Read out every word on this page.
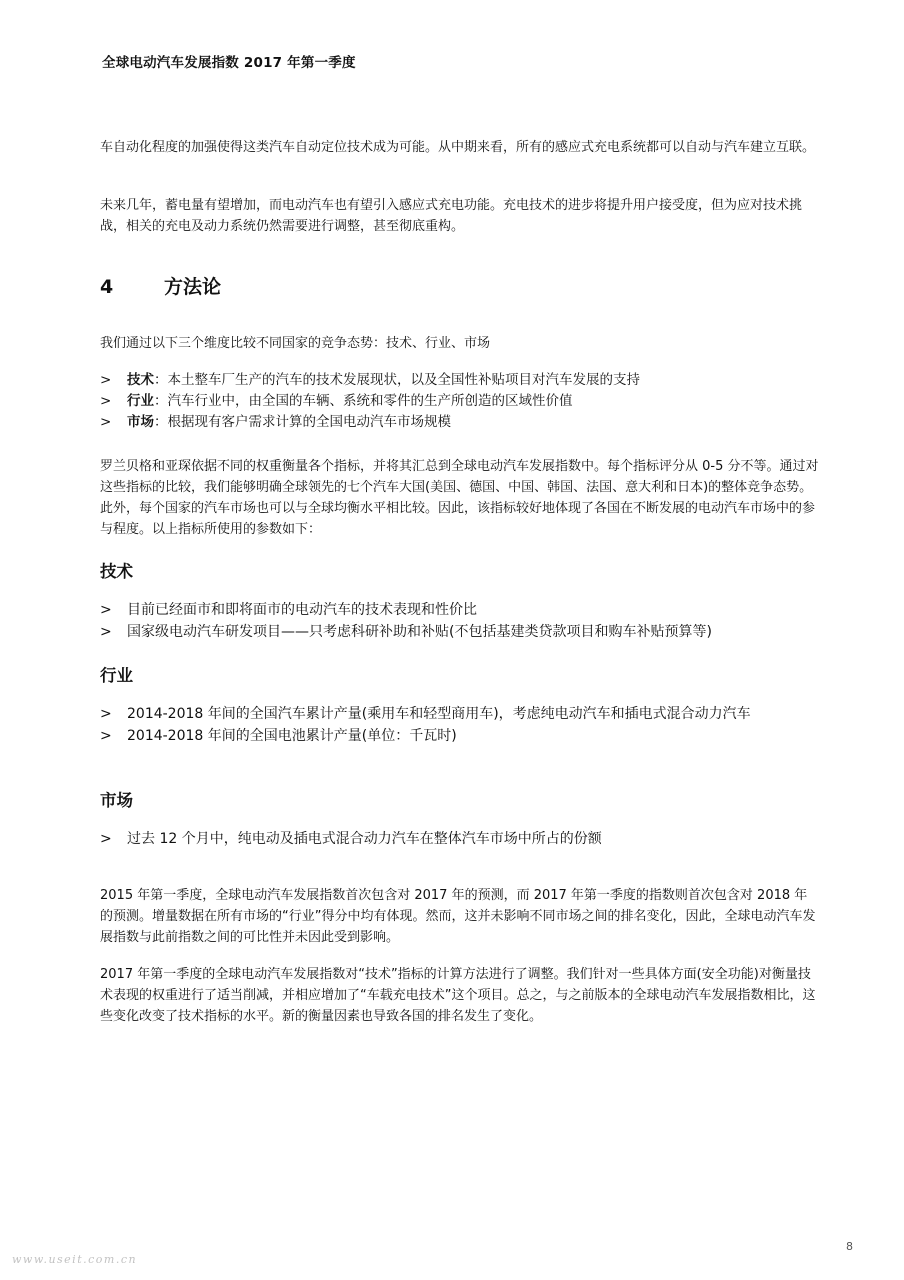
全球电动汽车发展指数 2017 年第一季度

车自动化程度的加强使得这类汽车自动定位技术成为可能。从中期来看，所有的感应式充电系统都可以自动与汽车建立互联。

未来几年，蓄电量有望增加，而电动汽车也有望引入感应式充电功能。充电技术的进步将提升用户接受度，但为应对技术挑战，相关的充电及动力系统仍然需要进行调整，甚至彻底重构。

4	方法论

我们通过以下三个维度比较不同国家的竞争态势：技术、行业、市场

> 技术：本土整车厂生产的汽车的技术发展现状，以及全国性补贴项目对汽车发展的支持
> 行业：汽车行业中，由全国的车辆、系统和零件的生产所创造的区域性价值
> 市场：根据现有客户需求计算的全国电动汽车市场规模

罗兰贝格和亚琛依据不同的权重衡量各个指标，并将其汇总到全球电动汽车发展指数中。每个指标评分从 0-5 分不等。通过对这些指标的比较，我们能够明确全球领先的七个汽车大国(美国、德国、中国、韩国、法国、意大利和日本)的整体竞争态势。此外，每个国家的汽车市场也可以与全球均衡水平相比较。因此，该指标较好地体现了各国在不断发展的电动汽车市场中的参与程度。以上指标所使用的参数如下：

技术
> 目前已经面市和即将面市的电动汽车的技术表现和性价比
> 国家级电动汽车研发项目——只考虑科研补助和补贴(不包括基建类贷款项目和购车补贴预算等)
行业
> 2014-2018 年间的全国汽车累计产量(乘用车和轻型商用车)，考虑纯电动汽车和插电式混合动力汽车
> 2014-2018 年间的全国电池累计产量(单位：千瓦时)
市场
> 过去 12 个月中，纯电动及插电式混合动力汽车在整体汽车市场中所占的份额

2015 年第一季度，全球电动汽车发展指数首次包含对 2017 年的预测，而 2017 年第一季度的指数则首次包含对 2018 年的预测。增量数据在所有市场的“行业”得分中均有体现。然而，这并未影响不同市场之间的排名变化，因此，全球电动汽车发展指数与此前指数之间的可比性并未因此受到影响。

2017 年第一季度的全球电动汽车发展指数对“技术”指标的计算方法进行了调整。我们针对一些具体方面(安全功能)对衡量技术表现的权重进行了适当削减，并相应增加了“车载充电技术”这个项目。总之，与之前版本的全球电动汽车发展指数相比，这些变化改变了技术指标的水平。新的衡量因素也导致各国的排名发生了变化。

8
www.useit.com.cn
